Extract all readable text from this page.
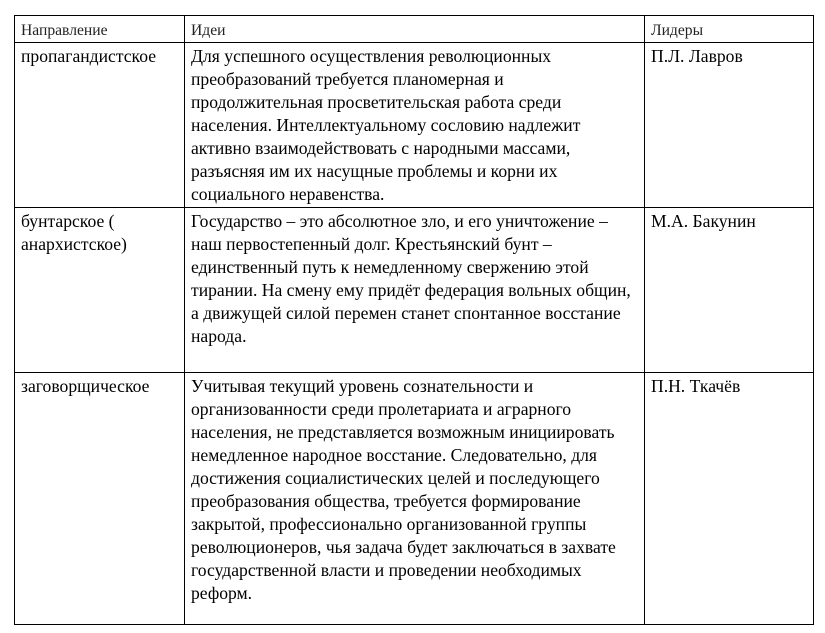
Направление	Идеи	Лидеры
пропагандистское	Для успешного осуществления революционных преобразований требуется планомерная и продолжительная просветительская работа среди населения. Интеллектуальному сословию надлежит активно взаимодействовать с народными массами, разъясняя им их насущные проблемы и корни их социального неравенства.	П.Л. Лавров
бунтарское ( анархистское)	Государство – это абсолютное зло, и его уничтожение – наш первостепенный долг. Крестьянский бунт – единственный путь к немедленному свержению этой тирании. На смену ему придёт федерация вольных общин, а движущей силой перемен станет спонтанное восстание народа.	М.А. Бакунин
заговорщическое	Учитывая текущий уровень сознательности и организованности среди пролетариата и аграрного населения, не представляется возможным инициировать немедленное народное восстание. Следовательно, для достижения социалистических целей и последующего преобразования общества, требуется формирование закрытой, профессионально организованной группы революционеров, чья задача будет заключаться в захвате государственной власти и проведении необходимых реформ.	П.Н. Ткачёв
